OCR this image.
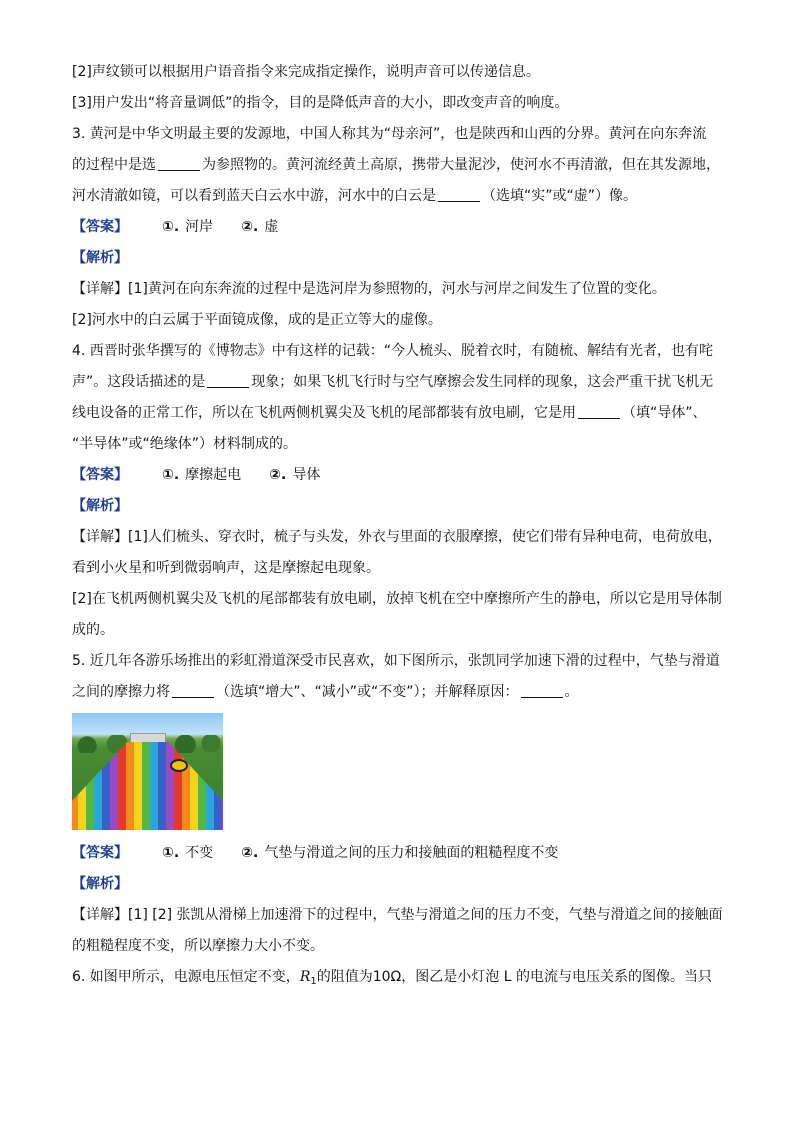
[2]声纹锁可以根据用户语音指令来完成指定操作，说明声音可以传递信息。

[3]用户发出“将音量调低”的指令，目的是降低声音的大小，即改变声音的响度。

3. 黄河是中华文明最主要的发源地，中国人称其为“母亲河”，也是陕西和山西的分界。黄河在向东奔流

的过程中是选	为参照物的。黄河流经黄土高原，携带大量泥沙，使河水不再清澈，但在其发源地，

河水清澈如镜，可以看到蓝天白云水中游，河水中的白云是	（选填“实”或“虚”）像。

【答案】 ①. 河岸 ②. 虚

【解析】

【详解】[1]黄河在向东奔流的过程中是选河岸为参照物的，河水与河岸之间发生了位置的变化。

[2]河水中的白云属于平面镜成像，成的是正立等大的虚像。

4. 西晋时张华撰写的《博物志》中有这样的记载：“今人梳头、脱着衣时，有随梳、解结有光者，也有咤

声”。这段话描述的是	现象；如果飞机飞行时与空气摩擦会发生同样的现象，这会严重干扰飞机无

线电设备的正常工作，所以在飞机两侧机翼尖及飞机的尾部都装有放电刷，它是用	（填“导体”、

“半导体”或“绝缘体”）材料制成的。

【答案】 ①. 摩擦起电 ②. 导体

【解析】

【详解】[1]人们梳头、穿衣时，梳子与头发，外衣与里面的衣服摩擦，使它们带有异种电荷，电荷放电，

看到小火星和听到微弱响声，这是摩擦起电现象。

[2]在飞机两侧机翼尖及飞机的尾部都装有放电刷，放掉飞机在空中摩擦所产生的静电，所以它是用导体制

成的。

5. 近几年各游乐场推出的彩虹滑道深受市民喜欢，如下图所示，张凯同学加速下滑的过程中，气垫与滑道

之间的摩擦力将	（选填“增大”、“减小”或“不变”）；并解释原因：	。

【答案】 ①. 不变 ②. 气垫与滑道之间的压力和接触面的粗糙程度不变

【解析】

【详解】[1] [2] 张凯从滑梯上加速滑下的过程中，气垫与滑道之间的压力不变，气垫与滑道之间的接触面

的粗糙程度不变，所以摩擦力大小不变。

6. 如图甲所示，电源电压恒定不变，$R_1$的阻值为10Ω，图乙是小灯泡 L 的电流与电压关系的图像。当只
